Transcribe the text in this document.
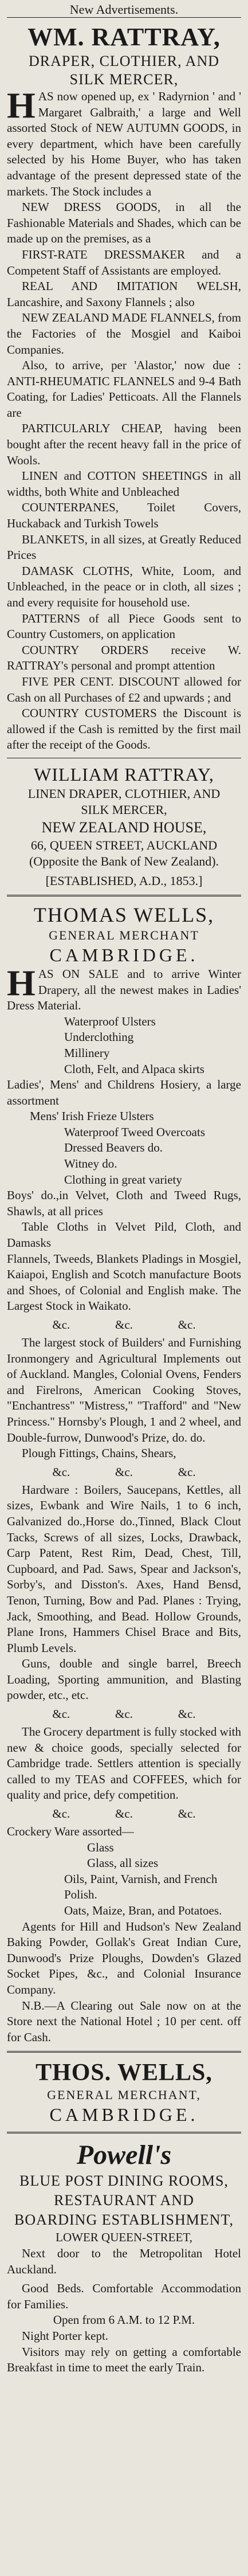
New Advertisements.
WM. RATTRAY,
DRAPER, CLOTHIER, AND
SILK MERCER,

HAS now opened up, ex ' Radyrnion ' and ' Margaret Galbraith,' a large and Well assorted Stock of NEW AUTUMN GOODS, in every department, which have been carefully selected by his Home Buyer, who has taken advantage of the present depressed state of the markets. The Stock includes a

NEW DRESS GOODS, in all the Fashionable Materials and Shades, which can be made up on the premises, as a

FIRST-RATE DRESSMAKER and a Competent Staff of Assistants are employed.

REAL AND IMITATION WELSH, Lancashire, and Saxony Flannels ; also

NEW ZEALAND MADE FLANNELS, from the Factories of the Mosgiel and Kaiboi Companies.

Also, to arrive, per 'Alastor,' now due : ANTI-RHEUMATIC FLANNELS and 9-4 Bath Coating, for Ladies' Petticoats. All the Flannels are

PARTICULARLY CHEAP, having been bought after the recent heavy fall in the price of Wools.

LINEN and COTTON SHEETINGS in all widths, both White and Unbleached

COUNTERPANES, Toilet Covers, Huckaback and Turkish Towels

BLANKETS, in all sizes, at Greatly Reduced Prices

DAMASK CLOTHS, White, Loom, and Unbleached, in the peace or in cloth, all sizes ; and every requisite for household use.

PATTERNS of all Piece Goods sent to Country Customers, on application

COUNTRY ORDERS receive W. RATTRAY's personal and prompt attention

FIVE PER CENT. DISCOUNT allowed for Cash on all Purchases of £2 and upwards ; and

COUNTRY CUSTOMERS the Discount is allowed if the Cash is remitted by the first mail after the receipt of the Goods.

WILLIAM RATTRAY,
LINEN DRAPER, CLOTHIER, AND
SILK MERCER,
NEW ZEALAND HOUSE,
66, QUEEN STREET, AUCKLAND
(Opposite the Bank of New Zealand).
[ESTABLISHED, A.D., 1853.]
THOMAS WELLS,
GENERAL MERCHANT
CAMBRIDGE.

HAS ON SALE and to arrive Winter Drapery, all the newest makes in Ladies' Dress Material.

Waterproof Ulsters
Underclothing
Millinery
Cloth, Felt, and Alpaca skirts

Ladies', Mens' and Childrens Hosiery, a large assortment

Mens' Irish Frieze Ulsters
Waterproof Tweed Overcoats
Dressed Beavers do.
Witney do.
Clothing in great variety

Boys' do.,in Velvet, Cloth and Tweed Rugs, Shawls, at all prices

Table Cloths in Velvet Pild, Cloth, and Damasks

Flannels, Tweeds, Blankets Pladings in Mosgiel, Kaiapoi, English and Scotch manufacture Boots and Shoes, of Colonial and English make. The Largest Stock in Waikato.

&c.	&c.	&c.

The largest stock of Builders' and Furnishing Ironmongery and Agricultural Implements out of Auckland. Mangles, Colonial Ovens, Fenders and Firelrons, American Cooking Stoves, "Enchantress" "Mistress," "Trafford" and "New Princess." Hornsby's Plough, 1 and 2 wheel, and Double-furrow, Dunwood's Prize, do. do.

Plough Fittings, Chains, Shears,

&c.	&c.	&c.

Hardware : Boilers, Saucepans, Kettles, all sizes, Ewbank and Wire Nails, 1 to 6 inch, Galvanized do.,Horse do.,Tinned, Black Clout Tacks, Screws of all sizes, Locks, Drawback, Carp Patent, Rest Rim, Dead, Chest, Till, Cupboard, and Pad. Saws, Spear and Jackson's, Sorby's, and Disston's. Axes, Hand Bensd, Tenon, Turning, Bow and Pad. Planes : Trying, Jack, Smoothing, and Bead. Hollow Grounds, Plane Irons, Hammers Chisel Brace and Bits, Plumb Levels.

Guns, double and single barrel, Breech Loading, Sporting ammunition, and Blasting powder, etc., etc.

&c.	&c.	&c.

The Grocery department is fully stocked with new & choice goods, specially selected for Cambridge trade. Settlers attention is specially called to my TEAS and COFFEES, which for quality and price, defy competition.

&c.	&c.	&c.

Crockery Ware assorted—

Glass
Glass, all sizes
Oils, Paint, Varnish, and French Polish.
Oats, Maize, Bran, and Potatoes.

Agents for Hill and Hudson's New Zealand Baking Powder, Gollak's Great Indian Cure, Dunwood's Prize Ploughs, Dowden's Glazed Socket Pipes, &c., and Colonial Insurance Company.

N.B.—A Clearing out Sale now on at the Store next the National Hotel ; 10 per cent. off for Cash.

THOS. WELLS,
GENERAL MERCHANT,
CAMBRIDGE.
Powell's
BLUE POST DINING ROOMS,
RESTAURANT AND
BOARDING ESTABLISHMENT,
LOWER QUEEN-STREET,

Next door to the Metropolitan Hotel Auckland.

Good Beds. Comfortable Accommodation for Families.

Open from 6 A.M. to 12 P.M.

Night Porter kept.

Visitors may rely on getting a comfortable Breakfast in time to meet the early Train.
